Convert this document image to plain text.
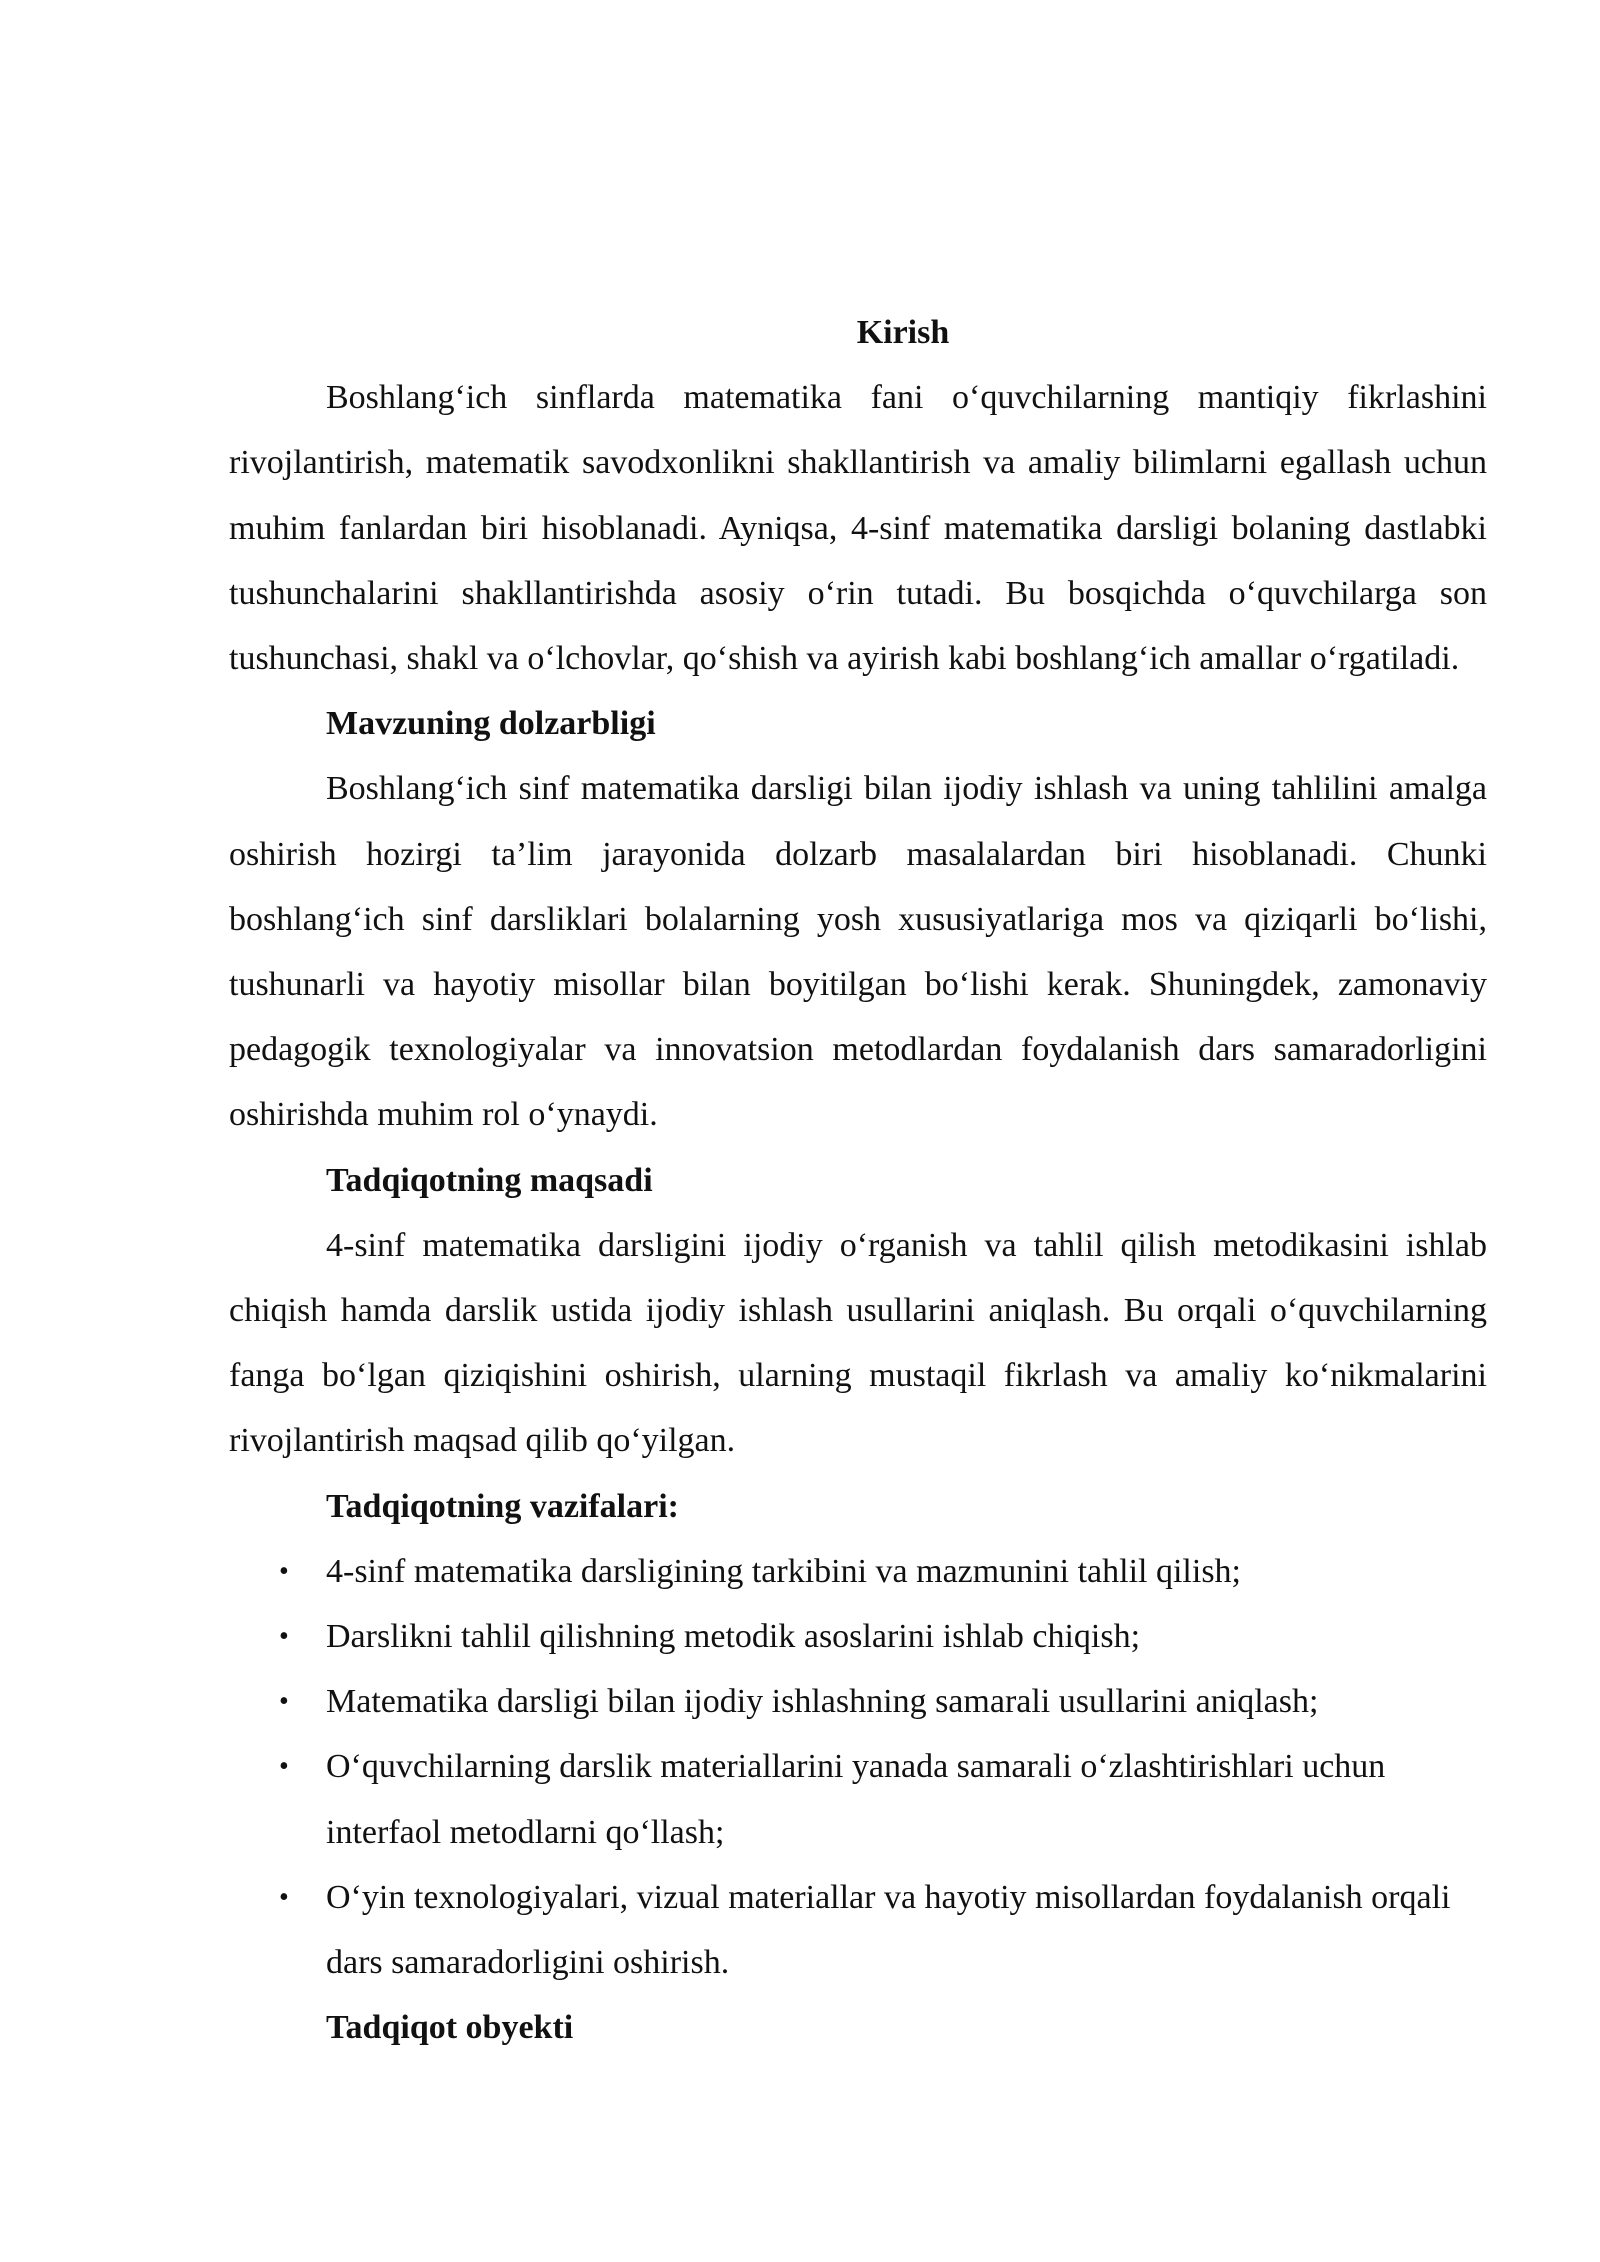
Kirish

Boshlang‘ich sinflarda matematika fani o‘quvchilarning mantiqiy fikrlashini rivojlantirish, matematik savodxonlikni shakllantirish va amaliy bilimlarni egallash uchun muhim fanlardan biri hisoblanadi. Ayniqsa, 4-sinf matematika darsligi bolaning dastlabki tushunchalarini shakllantirishda asosiy o‘rin tutadi. Bu bosqichda o‘quvchilarga son tushunchasi, shakl va o‘lchovlar, qo‘shish va ayirish kabi boshlang‘ich amallar o‘rgatiladi.

Mavzuning dolzarbligi

Boshlang‘ich sinf matematika darsligi bilan ijodiy ishlash va uning tahlilini amalga oshirish hozirgi ta’lim jarayonida dolzarb masalalardan biri hisoblanadi. Chunki boshlang‘ich sinf darsliklari bolalarning yosh xususiyatlariga mos va qiziqarli bo‘lishi, tushunarli va hayotiy misollar bilan boyitilgan bo‘lishi kerak. Shuningdek, zamonaviy pedagogik texnologiyalar va innovatsion metodlardan foydalanish dars samaradorligini oshirishda muhim rol o‘ynaydi.

Tadqiqotning maqsadi

4-sinf matematika darsligini ijodiy o‘rganish va tahlil qilish metodikasini ishlab chiqish hamda darslik ustida ijodiy ishlash usullarini aniqlash. Bu orqali o‘quvchilarning fanga bo‘lgan qiziqishini oshirish, ularning mustaqil fikrlash va amaliy ko‘nikmalarini rivojlantirish maqsad qilib qo‘yilgan.

Tadqiqotning vazifalari:

• 4-sinf matematika darsligining tarkibini va mazmunini tahlil qilish;
• Darslikni tahlil qilishning metodik asoslarini ishlab chiqish;
• Matematika darsligi bilan ijodiy ishlashning samarali usullarini aniqlash;
• O‘quvchilarning darslik materiallarini yanada samarali o‘zlashtirishlari uchun interfaol metodlarni qo‘llash;
• O‘yin texnologiyalari, vizual materiallar va hayotiy misollardan foydalanish orqali dars samaradorligini oshirish.

Tadqiqot obyekti
